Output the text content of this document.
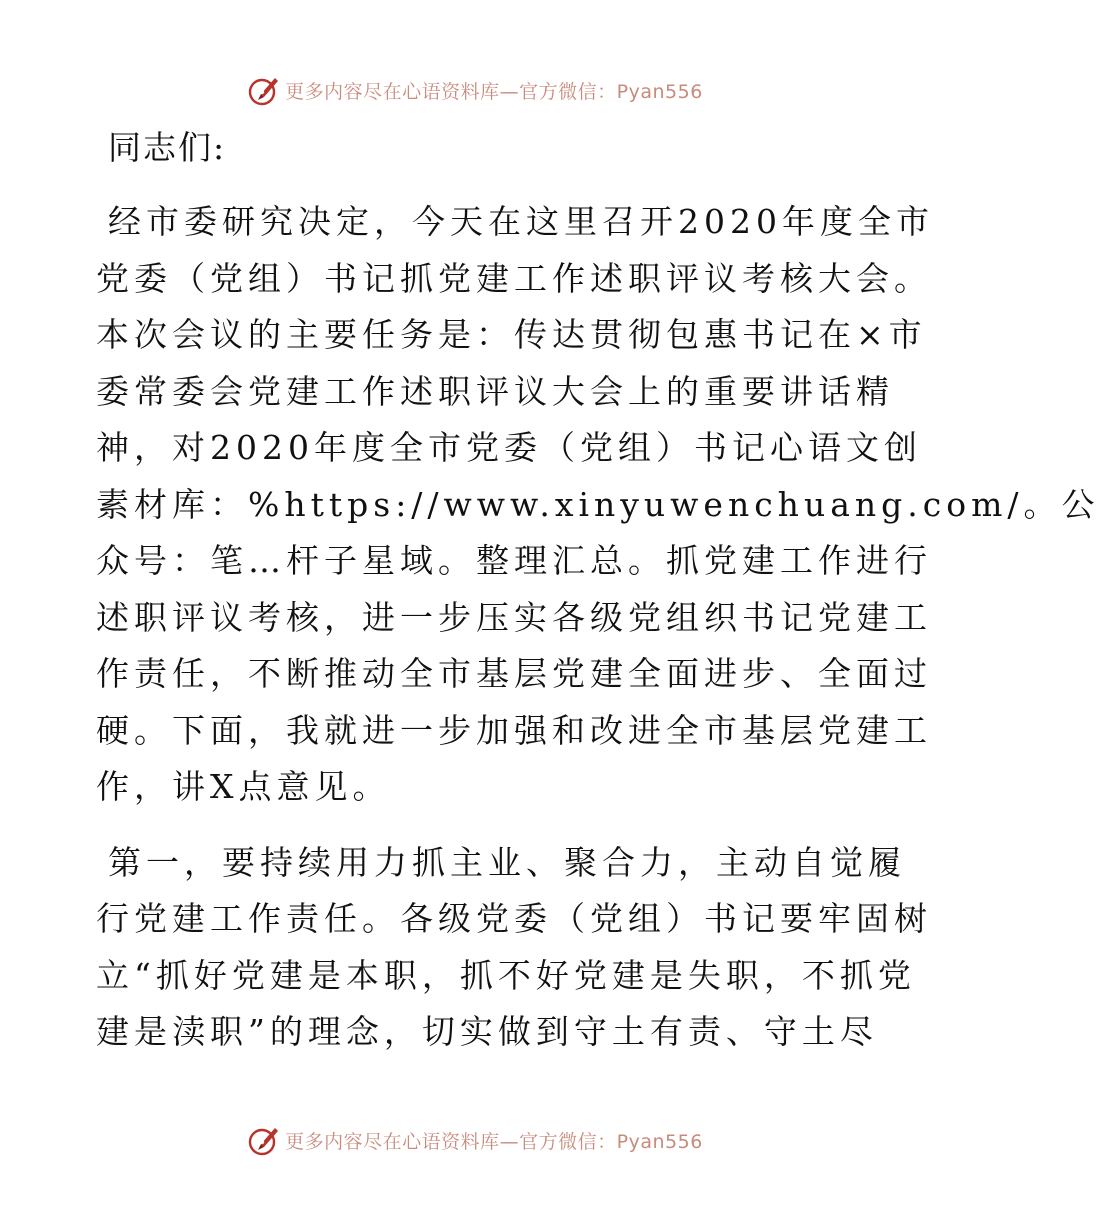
更多内容尽在心语资料库—官方微信：Pyan556
同志们:
经市委研究决定，今天在这里召开2020年度全市
党委（党组）书记抓党建工作述职评议考核大会。
本次会议的主要任务是：传达贯彻包惠书记在×市
委常委会党建工作述职评议大会上的重要讲话精
神，对2020年度全市党委（党组）书记心语文创
素材库：%https://www.xinyuwenchuang.com/。公
众号：笔…杆子星域。整理汇总。抓党建工作进行
述职评议考核，进一步压实各级党组织书记党建工
作责任，不断推动全市基层党建全面进步、全面过
硬。下面，我就进一步加强和改进全市基层党建工
作，讲X点意见。
第一，要持续用力抓主业、聚合力，主动自觉履
行党建工作责任。各级党委（党组）书记要牢固树
立“抓好党建是本职，抓不好党建是失职，不抓党
建是渎职”的理念，切实做到守土有责、守土尽
更多内容尽在心语资料库—官方微信：Pyan556
